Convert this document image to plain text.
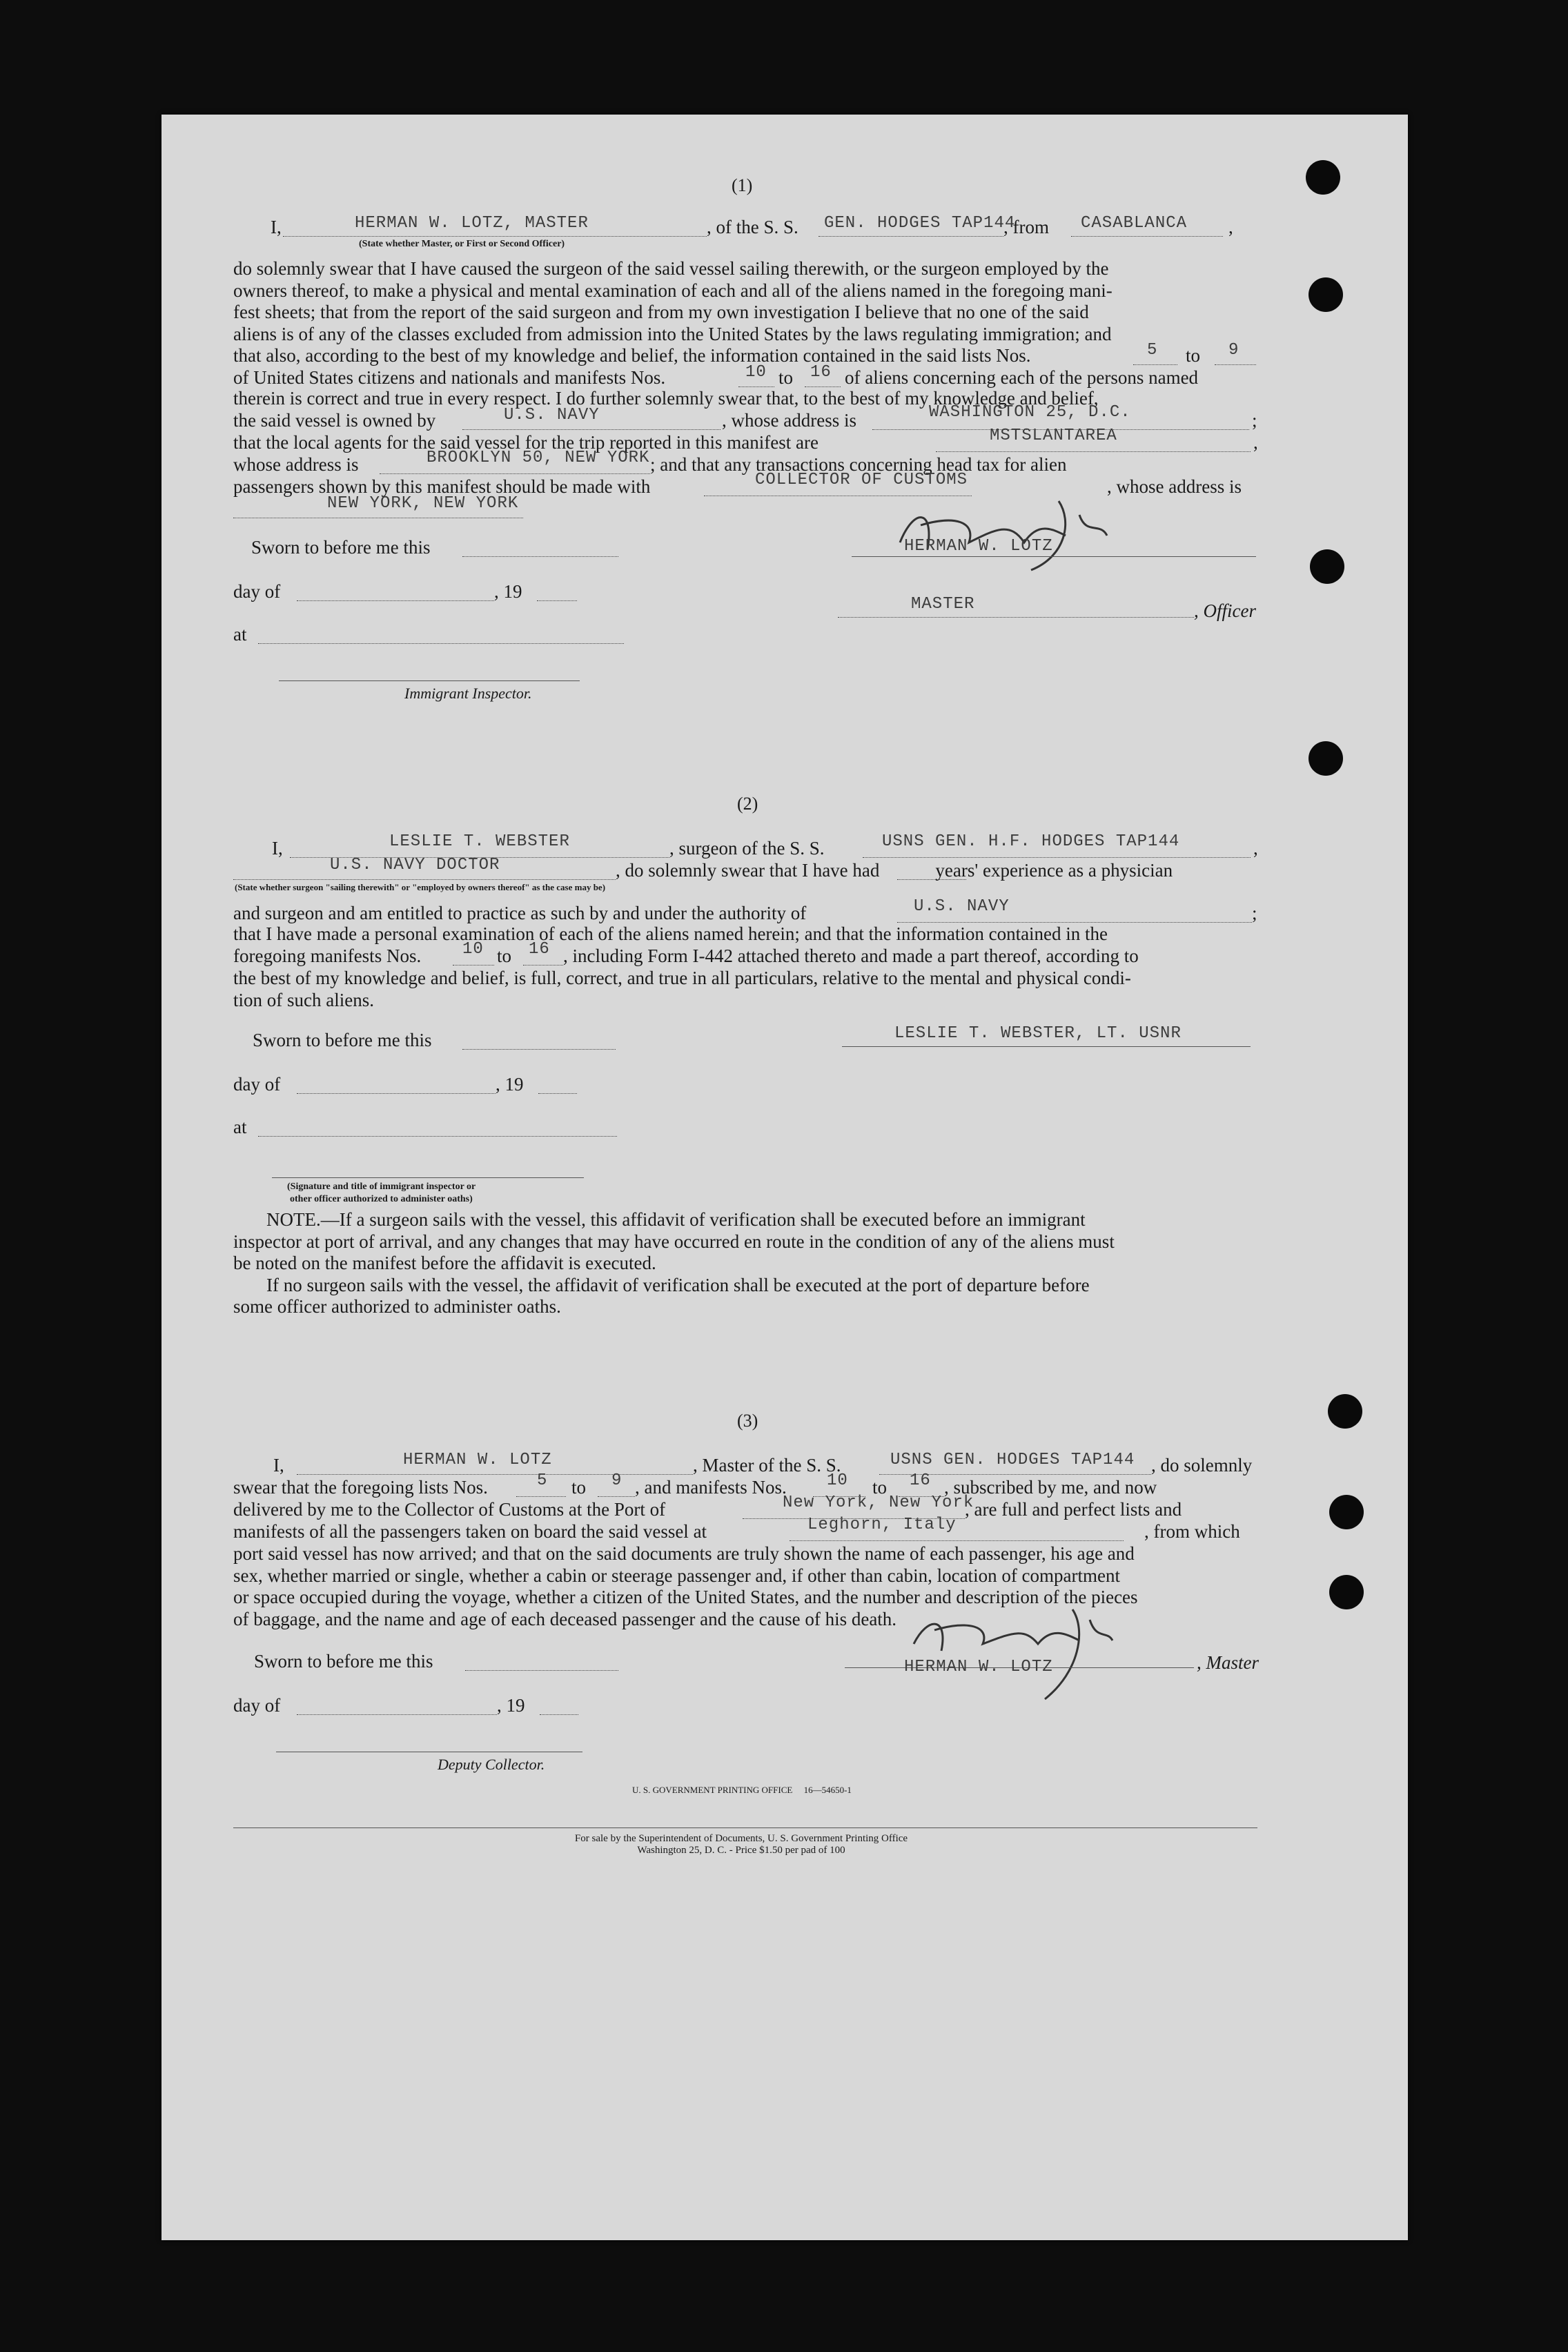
(1)
I,	HERMAN W. LOTZ, MASTER	, of the S. S. GEN. HODGES TAP144
, from CASABLANCA ,
(State whether Master, or First or Second Officer)
do solemnly swear that I have caused the surgeon of the said vessel sailing therewith, or the surgeon employed by the
owners thereof, to make a physical and mental examination of each and all of the aliens named in the foregoing mani-
fest sheets; that from the report of the said surgeon and from my own investigation I believe that no one of the said
aliens is of any of the classes excluded from admission into the United States by the laws regulating immigration; and
that also, according to the best of my knowledge and belief, the information contained in the said lists Nos.	5 to 9
of United States citizens and nationals and manifests Nos.	10 to 16 of aliens concerning each of the persons named
therein is correct and true in every respect. I do further solemnly swear that, to the best of my knowledge and belief,
the said vessel is owned by	U.S. NAVY	, whose address is	WASHINGTON 25, D.C.	;
that the local agents for the said vessel for the trip reported in this manifest are	MSTSLANTAREA	,
whose address is	BROOKLYN 50, NEW YORK ; and that any transactions concerning head tax for alien
passengers shown by this manifest should be made with	COLLECTOR OF CUSTOMS	, whose address is
NEW YORK, NEW YORK
Sworn to before me this
day of	, 19
at
Immigrant Inspector.
HERMAN W. LOTZ
MASTER	, Officer
(2)
I,	LESLIE T. WEBSTER	, surgeon of the S. S.	USNS GEN. H.F. HODGES TAP144	,
U.S. NAVY DOCTOR	, do solemnly swear that I have had            years' experience as a physician
(State whether surgeon "sailing therewith" or "employed by owners thereof" as the case may be)
and surgeon and am entitled to practice as such by and under the authority of	U.S. NAVY	;
that I have made a personal examination of each of the aliens named herein; and that the information contained in the
foregoing manifests Nos. 10 to 16 , including Form I-442 attached thereto and made a part thereof, according to
the best of my knowledge and belief, is full, correct, and true in all particulars, relative to the mental and physical condi-
tion of such aliens.
Sworn to before me this
day of	, 19
at
(Signature and title of immigrant inspector or
other officer authorized to administer oaths)
LESLIE T. WEBSTER, LT. USNR
NOTE.—If a surgeon sails with the vessel, this affidavit of verification shall be executed before an immigrant
inspector at port of arrival, and any changes that may have occurred en route in the condition of any of the aliens must
be noted on the manifest before the affidavit is executed.
If no surgeon sails with the vessel, the affidavit of verification shall be executed at the port of departure before
some officer authorized to administer oaths.
(3)
I,	HERMAN W. LOTZ	, Master of the S. S.	USNS GEN. HODGES TAP144 , do solemnly
swear that the foregoing lists Nos.	5 to 9 , and manifests Nos. 10 to 16 , subscribed by me, and now
delivered by me to the Collector of Customs at the Port of	New York, New York
, are full and perfect lists and
manifests of all the passengers taken on board the said vessel at	Leghorn, Italy	, from which
port said vessel has now arrived; and that on the said documents are truly shown the name of each passenger, his age and
sex, whether married or single, whether a cabin or steerage passenger and, if other than cabin, location of compartment
or space occupied during the voyage, whether a citizen of the United States, and the number and description of the pieces
of baggage, and the name and age of each deceased passenger and the cause of his death.
Sworn to before me this
day of	, 19
Deputy Collector.
HERMAN W. LOTZ	, Master
U. S. GOVERNMENT PRINTING OFFICE     16—54650-1
For sale by the Superintendent of Documents, U. S. Government Printing Office
Washington 25, D. C. - Price $1.50 per pad of 100
